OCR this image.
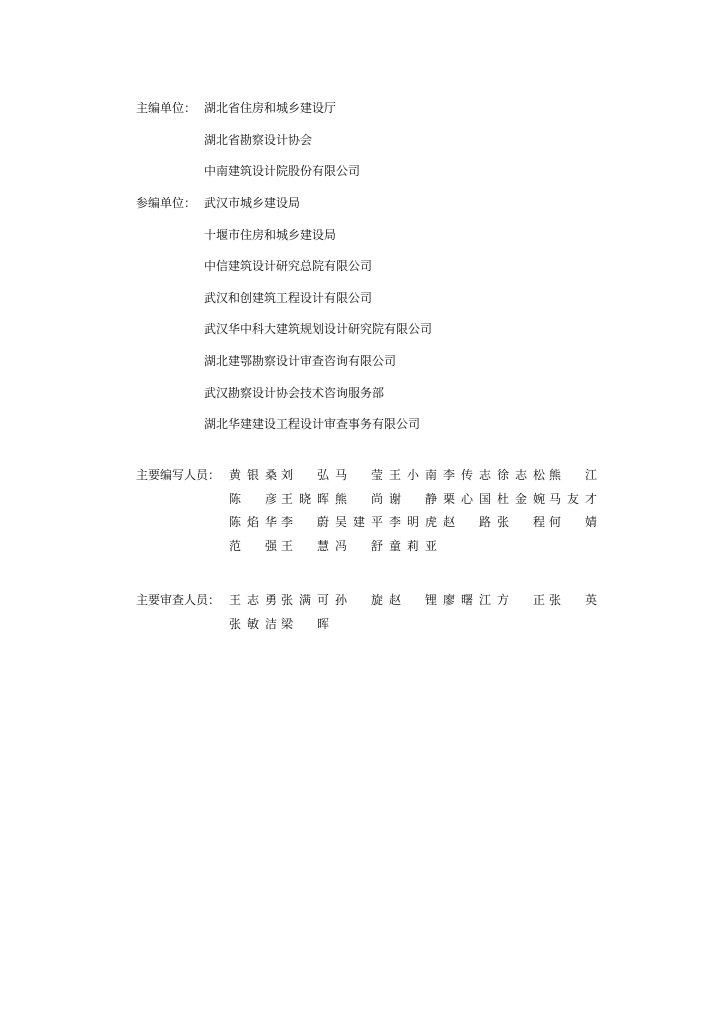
主编单位： 湖北省住房和城乡建设厅
湖北省勘察设计协会
中南建筑设计院股份有限公司
参编单位： 武汉市城乡建设局
十堰市住房和城乡建设局
中信建筑设计研究总院有限公司
武汉和创建筑工程设计有限公司
武汉华中科大建筑规划设计研究院有限公司
湖北建鄂勘察设计审查咨询有限公司
武汉勘察设计协会技术咨询服务部
湖北华建建设工程设计审查事务有限公司
主要编写人员： 黄 银 桑 刘 弘 马 莹 王 小 南 李 传 志 徐 志 松 熊 江
陈 彦 王 晓 晖 熊 尚 谢 静 栗 心 国 杜 金 婉 马 友 才
陈 焰 华 李 蔚 吴 建 平 李 明 虎 赵 路 张 程 何 婧
范 强 王 慧 冯 舒 童 莉 亚
主要审查人员： 王 志 勇 张 满 可 孙 旋 赵 锂 廖 曙 江 方 正 张 英
张 敏 洁 梁 晖
